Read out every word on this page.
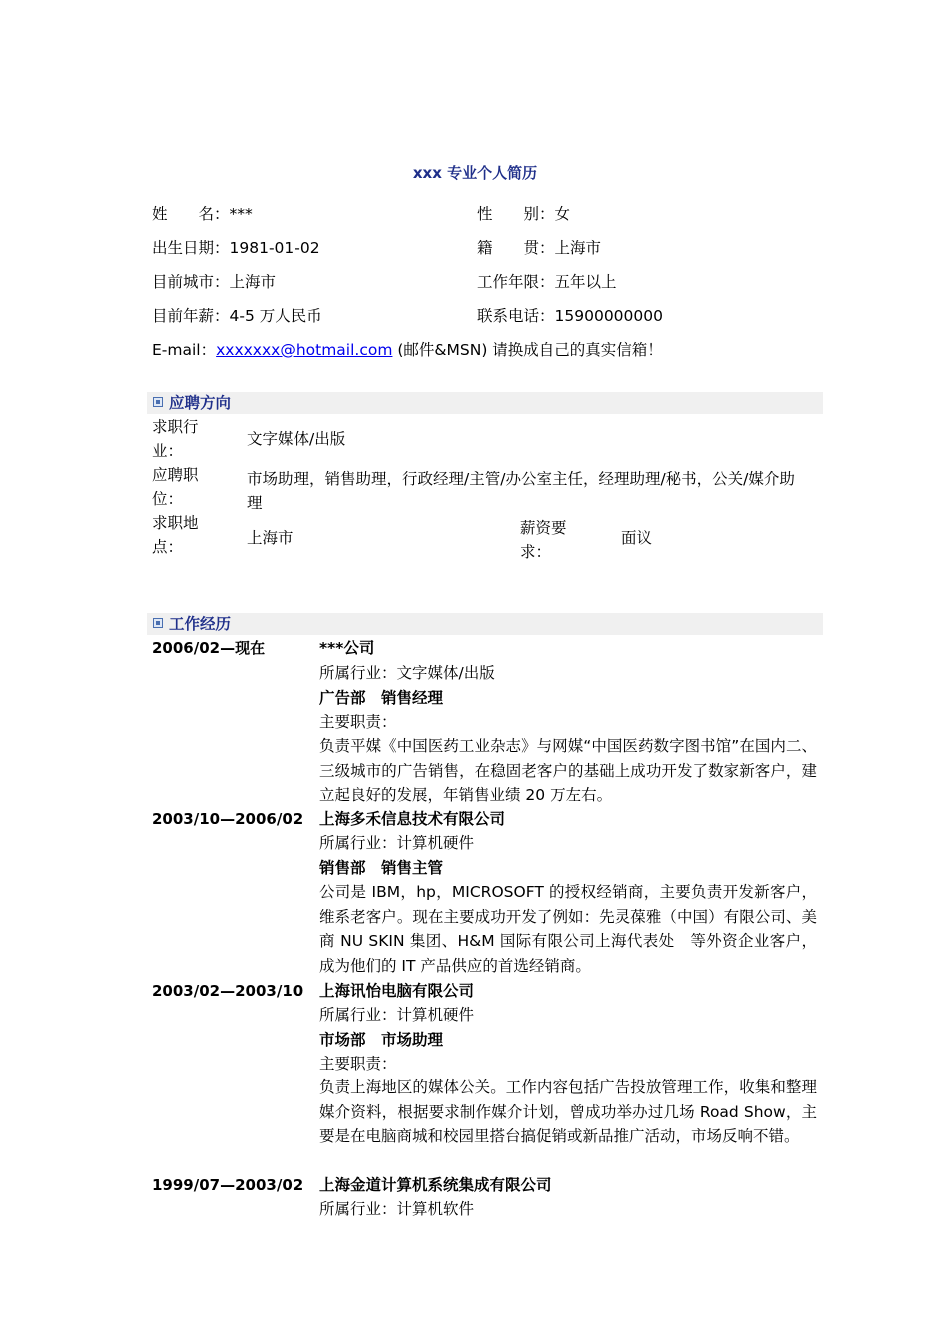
xxx 专业个人简历
姓　　名：***	性　　别：女
出生日期：1981-01-02	籍　　贯：上海市
目前城市：上海市	工作年限：五年以上
目前年薪：4-5 万人民币	联系电话：15900000000
E-mail：xxxxxxx@hotmail.com (邮件&MSN) 请换成自己的真实信箱！
应聘方向
求职行业：
文字媒体/出版
应聘职位：
市场助理，销售助理，行政经理/主管/办公室主任，经理助理/秘书，公关/媒介助理
求职地点：	上海市
薪资要求：
面议
工作经历
2006/02—现在	***公司
所属行业：文字媒体/出版
广告部　销售经理
主要职责：
负责平媒《中国医药工业杂志》与网媒“中国医药数字图书馆”在国内二、三级城市的广告销售，在稳固老客户的基础上成功开发了数家新客户，建立起良好的发展，年销售业绩 20 万左右。
2003/10—2006/02 上海多禾信息技术有限公司
所属行业：计算机硬件
销售部　销售主管
公司是 IBM，hp，MICROSOFT 的授权经销商，主要负责开发新客户，维系老客户。现在主要成功开发了例如：先灵葆雅（中国）有限公司、美商 NU SKIN 集团、H&M 国际有限公司上海代表处　等外资企业客户，成为他们的 IT 产品供应的首选经销商。
2003/02—2003/10 上海讯怡电脑有限公司
所属行业：计算机硬件
市场部　市场助理
主要职责：
负责上海地区的媒体公关。工作内容包括广告投放管理工作，收集和整理媒介资料，根据要求制作媒介计划，曾成功举办过几场 Road Show，主要是在电脑商城和校园里搭台搞促销或新品推广活动，市场反响不错。
1999/07—2003/02 上海金道计算机系统集成有限公司
所属行业：计算机软件
